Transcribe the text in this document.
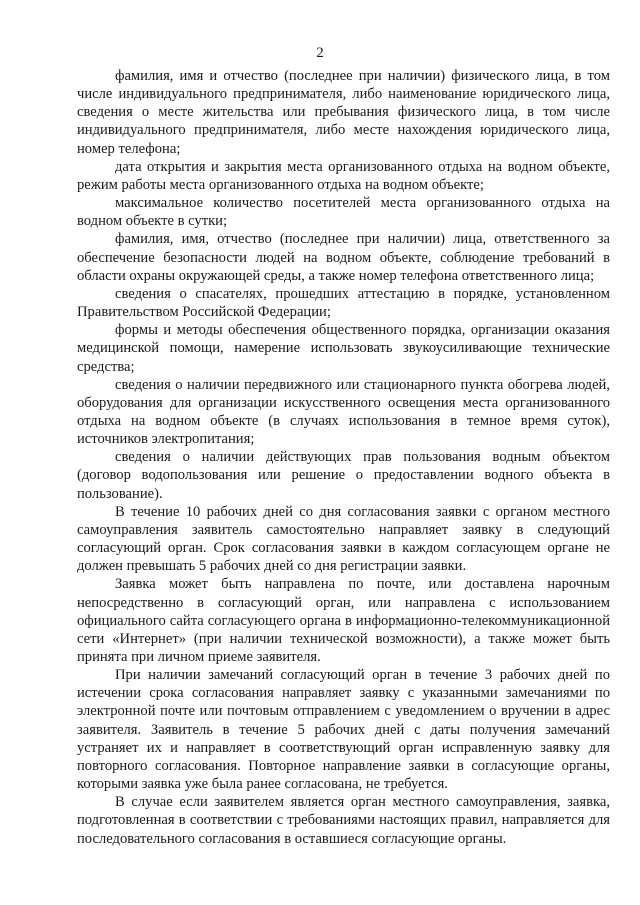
2

фамилия, имя и отчество (последнее при наличии) физического лица, в том числе индивидуального предпринимателя, либо наименование юридического лица, сведения о месте жительства или пребывания физического лица, в том числе индивидуального предпринимателя, либо месте нахождения юридического лица, номер телефона;

дата открытия и закрытия места организованного отдыха на водном объекте, режим работы места организованного отдыха на водном объекте;

максимальное количество посетителей места организованного отдыха на водном объекте в сутки;

фамилия, имя, отчество (последнее при наличии) лица, ответственного за обеспечение безопасности людей на водном объекте, соблюдение требований в области охраны окружающей среды, а также номер телефона ответственного лица;

сведения о спасателях, прошедших аттестацию в порядке, установленном Правительством Российской Федерации;

формы и методы обеспечения общественного порядка, организации оказания медицинской помощи, намерение использовать звукоусиливающие технические средства;

сведения о наличии передвижного или стационарного пункта обогрева людей, оборудования для организации искусственного освещения места организованного отдыха на водном объекте (в случаях использования в темное время суток), источников электропитания;

сведения о наличии действующих прав пользования водным объектом (договор водопользования или решение о предоставлении водного объекта в пользование).

В течение 10 рабочих дней со дня согласования заявки с органом местного самоуправления заявитель самостоятельно направляет заявку в следующий согласующий орган. Срок согласования заявки в каждом согласующем органе не должен превышать 5 рабочих дней со дня регистрации заявки.

Заявка может быть направлена по почте, или доставлена нарочным непосредственно в согласующий орган, или направлена с использованием официального сайта согласующего органа в информационно-телекоммуникационной сети «Интернет» (при наличии технической возможности), а также может быть принята при личном приеме заявителя.

При наличии замечаний согласующий орган в течение 3 рабочих дней по истечении срока согласования направляет заявку с указанными замечаниями по электронной почте или почтовым отправлением с уведомлением о вручении в адрес заявителя. Заявитель в течение 5 рабочих дней с даты получения замечаний устраняет их и направляет в соответствующий орган исправленную заявку для повторного согласования. Повторное направление заявки в согласующие органы, которыми заявка уже была ранее согласована, не требуется.

В случае если заявителем является орган местного самоуправления, заявка, подготовленная в соответствии с требованиями настоящих правил, направляется для последовательного согласования в оставшиеся согласующие органы.
